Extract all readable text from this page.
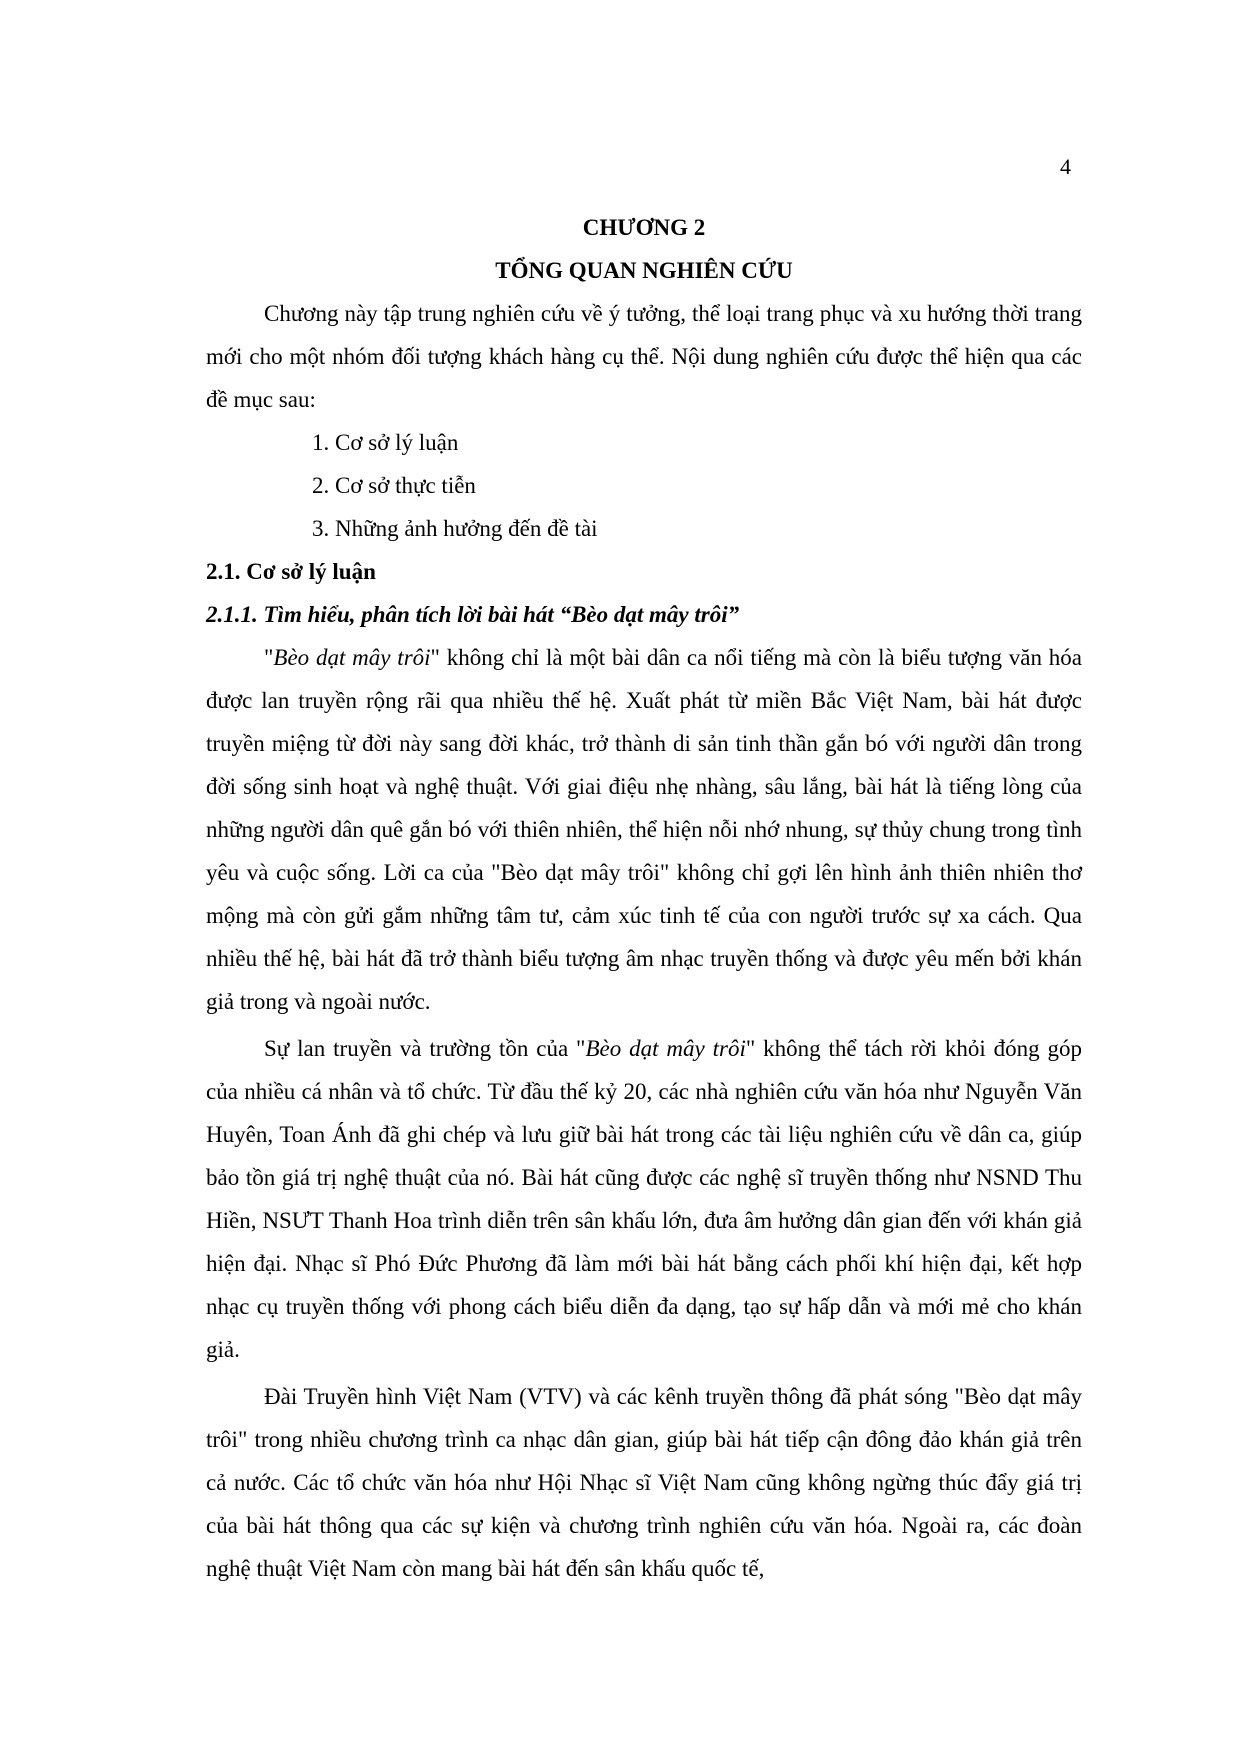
4
CHƯƠNG 2
TỔNG QUAN NGHIÊN CỨU
Chương này tập trung nghiên cứu về ý tưởng, thể loại trang phục và xu hướng thời trang mới cho một nhóm đối tượng khách hàng cụ thể. Nội dung nghiên cứu được thể hiện qua các đề mục sau:
1. Cơ sở lý luận
2. Cơ sở thực tiễn
3. Những ảnh hưởng đến đề tài
2.1. Cơ sở lý luận
2.1.1. Tìm hiểu, phân tích lời bài hát “Bèo dạt mây trôi”
"Bèo dạt mây trôi" không chỉ là một bài dân ca nổi tiếng mà còn là biểu tượng văn hóa được lan truyền rộng rãi qua nhiều thế hệ. Xuất phát từ miền Bắc Việt Nam, bài hát được truyền miệng từ đời này sang đời khác, trở thành di sản tinh thần gắn bó với người dân trong đời sống sinh hoạt và nghệ thuật. Với giai điệu nhẹ nhàng, sâu lắng, bài hát là tiếng lòng của những người dân quê gắn bó với thiên nhiên, thể hiện nỗi nhớ nhung, sự thủy chung trong tình yêu và cuộc sống. Lời ca của "Bèo dạt mây trôi" không chỉ gợi lên hình ảnh thiên nhiên thơ mộng mà còn gửi gắm những tâm tư, cảm xúc tinh tế của con người trước sự xa cách. Qua nhiều thế hệ, bài hát đã trở thành biểu tượng âm nhạc truyền thống và được yêu mến bởi khán giả trong và ngoài nước.
Sự lan truyền và trường tồn của "Bèo dạt mây trôi" không thể tách rời khỏi đóng góp của nhiều cá nhân và tổ chức. Từ đầu thế kỷ 20, các nhà nghiên cứu văn hóa như Nguyễn Văn Huyên, Toan Ánh đã ghi chép và lưu giữ bài hát trong các tài liệu nghiên cứu về dân ca, giúp bảo tồn giá trị nghệ thuật của nó. Bài hát cũng được các nghệ sĩ truyền thống như NSND Thu Hiền, NSƯT Thanh Hoa trình diễn trên sân khấu lớn, đưa âm hưởng dân gian đến với khán giả hiện đại. Nhạc sĩ Phó Đức Phương đã làm mới bài hát bằng cách phối khí hiện đại, kết hợp nhạc cụ truyền thống với phong cách biểu diễn đa dạng, tạo sự hấp dẫn và mới mẻ cho khán giả.
Đài Truyền hình Việt Nam (VTV) và các kênh truyền thông đã phát sóng "Bèo dạt mây trôi" trong nhiều chương trình ca nhạc dân gian, giúp bài hát tiếp cận đông đảo khán giả trên cả nước. Các tổ chức văn hóa như Hội Nhạc sĩ Việt Nam cũng không ngừng thúc đẩy giá trị của bài hát thông qua các sự kiện và chương trình nghiên cứu văn hóa. Ngoài ra, các đoàn nghệ thuật Việt Nam còn mang bài hát đến sân khấu quốc tế,
